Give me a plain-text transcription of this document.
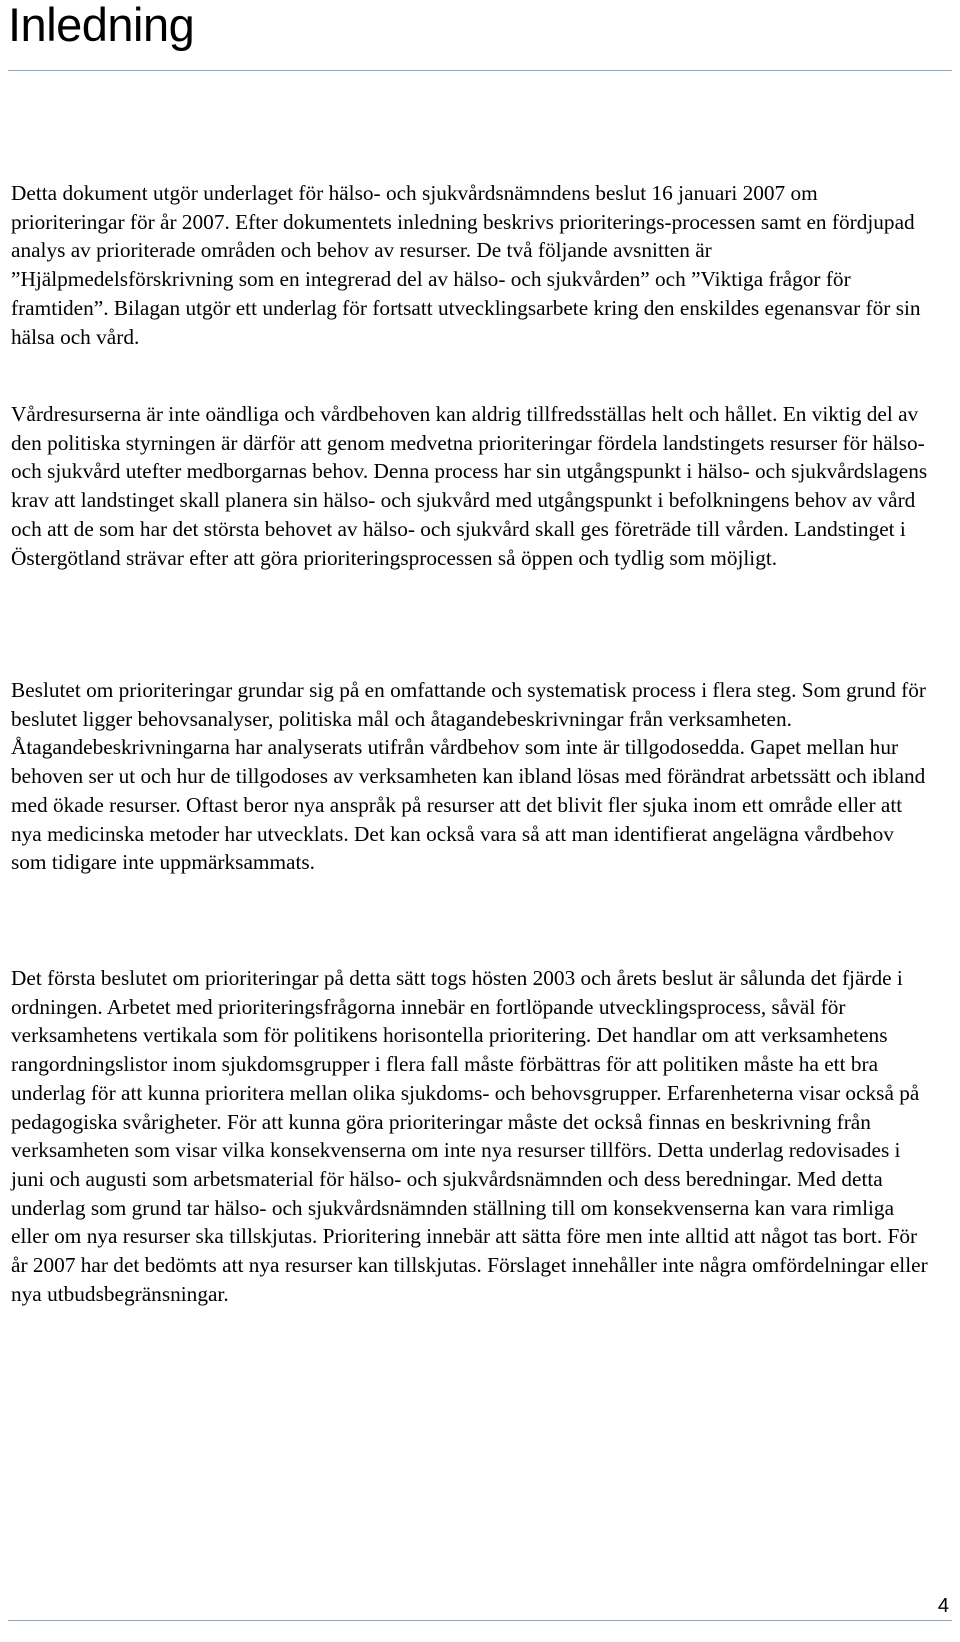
Inledning

Detta dokument utgör underlaget för hälso- och sjukvårdsnämndens beslut 16 januari 2007 om prioriteringar för år 2007. Efter dokumentets inledning beskrivs prioriterings-processen samt en fördjupad analys av prioriterade områden och behov av resurser. De två följande avsnitten är ”Hjälpmedelsförskrivning som en integrerad del av hälso- och sjukvården” och ”Viktiga frågor för framtiden”. Bilagan utgör ett underlag för fortsatt utvecklingsarbete kring den enskildes egenansvar för sin hälsa och vård.

Vårdresurserna är inte oändliga och vårdbehoven kan aldrig tillfredsställas helt och hållet. En viktig del av den politiska styrningen är därför att genom medvetna prioriteringar fördela landstingets resurser för hälso- och sjukvård utefter medborgarnas behov. Denna process har sin utgångspunkt i hälso- och sjukvårdslagens krav att landstinget skall planera sin hälso- och sjukvård med utgångspunkt i befolkningens behov av vård och att de som har det största behovet av hälso- och sjukvård skall ges företräde till vården. Landstinget i Östergötland strävar efter att göra prioriteringsprocessen så öppen och tydlig som möjligt.

Beslutet om prioriteringar grundar sig på en omfattande och systematisk process i flera steg. Som grund för beslutet ligger behovsanalyser, politiska mål och åtagandebeskrivningar från verksamheten. Åtagandebeskrivningarna har analyserats utifrån vårdbehov som inte är tillgodosedda. Gapet mellan hur behoven ser ut och hur de tillgodoses av verksamheten kan ibland lösas med förändrat arbetssätt och ibland med ökade resurser. Oftast beror nya anspråk på resurser att det blivit fler sjuka inom ett område eller att nya medicinska metoder har utvecklats. Det kan också vara så att man identifierat angelägna vårdbehov som tidigare inte uppmärksammats.

Det första beslutet om prioriteringar på detta sätt togs hösten 2003 och årets beslut är sålunda det fjärde i ordningen. Arbetet med prioriteringsfrågorna innebär en fortlöpande utvecklingsprocess, såväl för verksamhetens vertikala som för politikens horisontella prioritering. Det handlar om att verksamhetens rangordningslistor inom sjukdomsgrupper i flera fall måste förbättras för att politiken måste ha ett bra underlag för att kunna prioritera mellan olika sjukdoms- och behovsgrupper. Erfarenheterna visar också på pedagogiska svårigheter. För att kunna göra prioriteringar måste det också finnas en beskrivning från verksamheten som visar vilka konsekvenserna om inte nya resurser tillförs. Detta underlag redovisades i juni och augusti som arbetsmaterial för hälso- och sjukvårdsnämnden och dess beredningar. Med detta underlag som grund tar hälso- och sjukvårdsnämnden ställning till om konsekvenserna kan vara rimliga eller om nya resurser ska tillskjutas. Prioritering innebär att sätta före men inte alltid att något tas bort. För år 2007 har det bedömts att nya resurser kan tillskjutas. Förslaget innehåller inte några omfördelningar eller nya utbudsbegränsningar.

4
